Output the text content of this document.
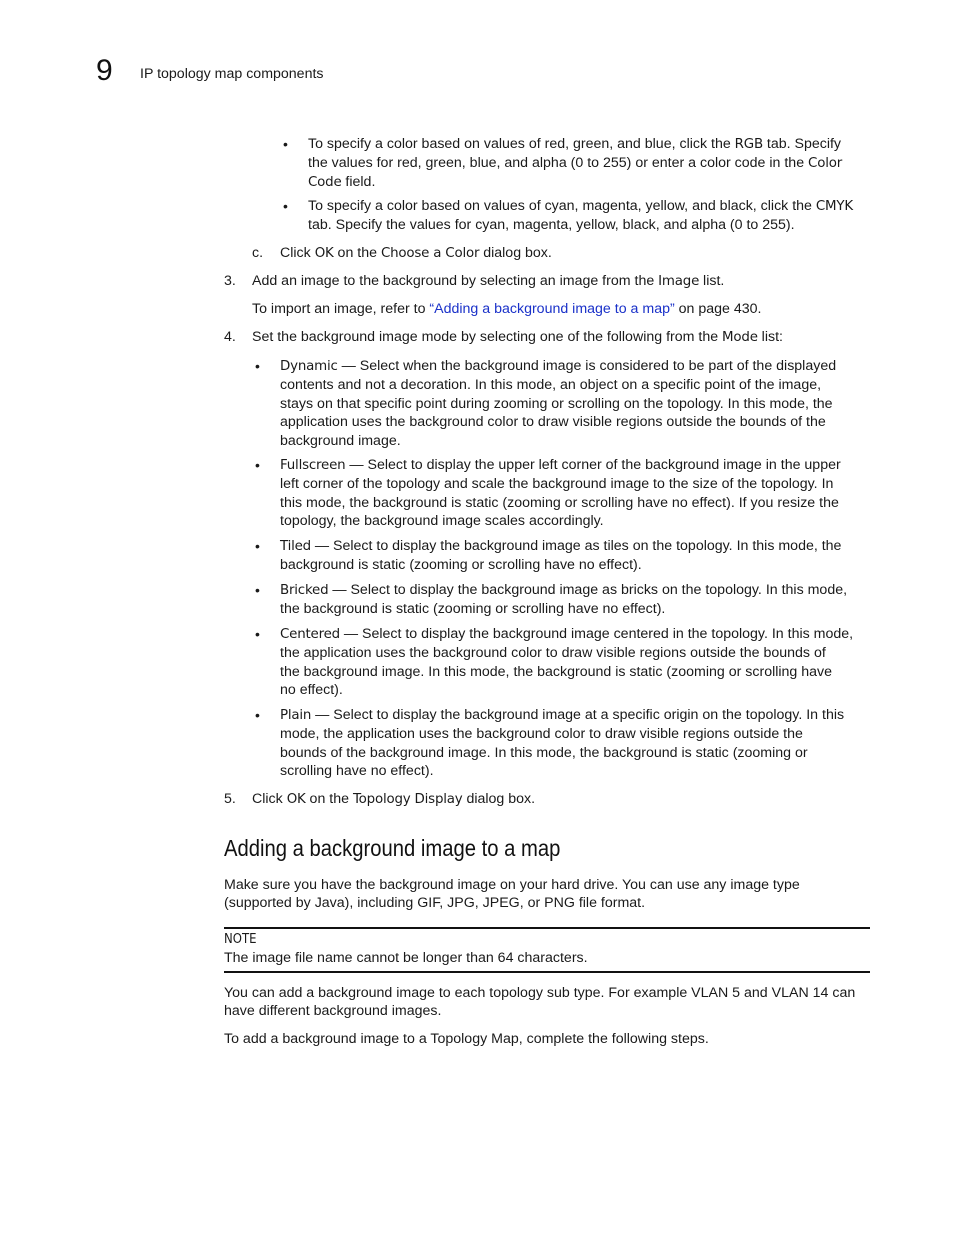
9 IP topology map components
• To specify a color based on values of red, green, and blue, click the RGB tab. Specify
the values for red, green, blue, and alpha (0 to 255) or enter a color code in the Color
Code field.
• To specify a color based on values of cyan, magenta, yellow, and black, click the CMYK
tab. Specify the values for cyan, magenta, yellow, black, and alpha (0 to 255).
c. Click OK on the Choose a Color dialog box.
3. Add an image to the background by selecting an image from the Image list.
To import an image, refer to “Adding a background image to a map” on page 430.
4. Set the background image mode by selecting one of the following from the Mode list:
• Dynamic — Select when the background image is considered to be part of the displayed
contents and not a decoration. In this mode, an object on a specific point of the image,
stays on that specific point during zooming or scrolling on the topology. In this mode, the
application uses the background color to draw visible regions outside the bounds of the
background image.
• Fullscreen — Select to display the upper left corner of the background image in the upper
left corner of the topology and scale the background image to the size of the topology. In
this mode, the background is static (zooming or scrolling have no effect). If you resize the
topology, the background image scales accordingly.
• Tiled — Select to display the background image as tiles on the topology. In this mode, the
background is static (zooming or scrolling have no effect).
• Bricked — Select to display the background image as bricks on the topology. In this mode,
the background is static (zooming or scrolling have no effect).
• Centered — Select to display the background image centered in the topology. In this mode,
the application uses the background color to draw visible regions outside the bounds of
the background image. In this mode, the background is static (zooming or scrolling have
no effect).
• Plain — Select to display the background image at a specific origin on the topology. In this
mode, the application uses the background color to draw visible regions outside the
bounds of the background image. In this mode, the background is static (zooming or
scrolling have no effect).
5. Click OK on the Topology Display dialog box.
Adding a background image to a map
Make sure you have the background image on your hard drive. You can use any image type
(supported by Java), including GIF, JPG, JPEG, or PNG file format.
NOTE
The image file name cannot be longer than 64 characters.
You can add a background image to each topology sub type. For example VLAN 5 and VLAN 14 can
have different background images.
To add a background image to a Topology Map, complete the following steps.
